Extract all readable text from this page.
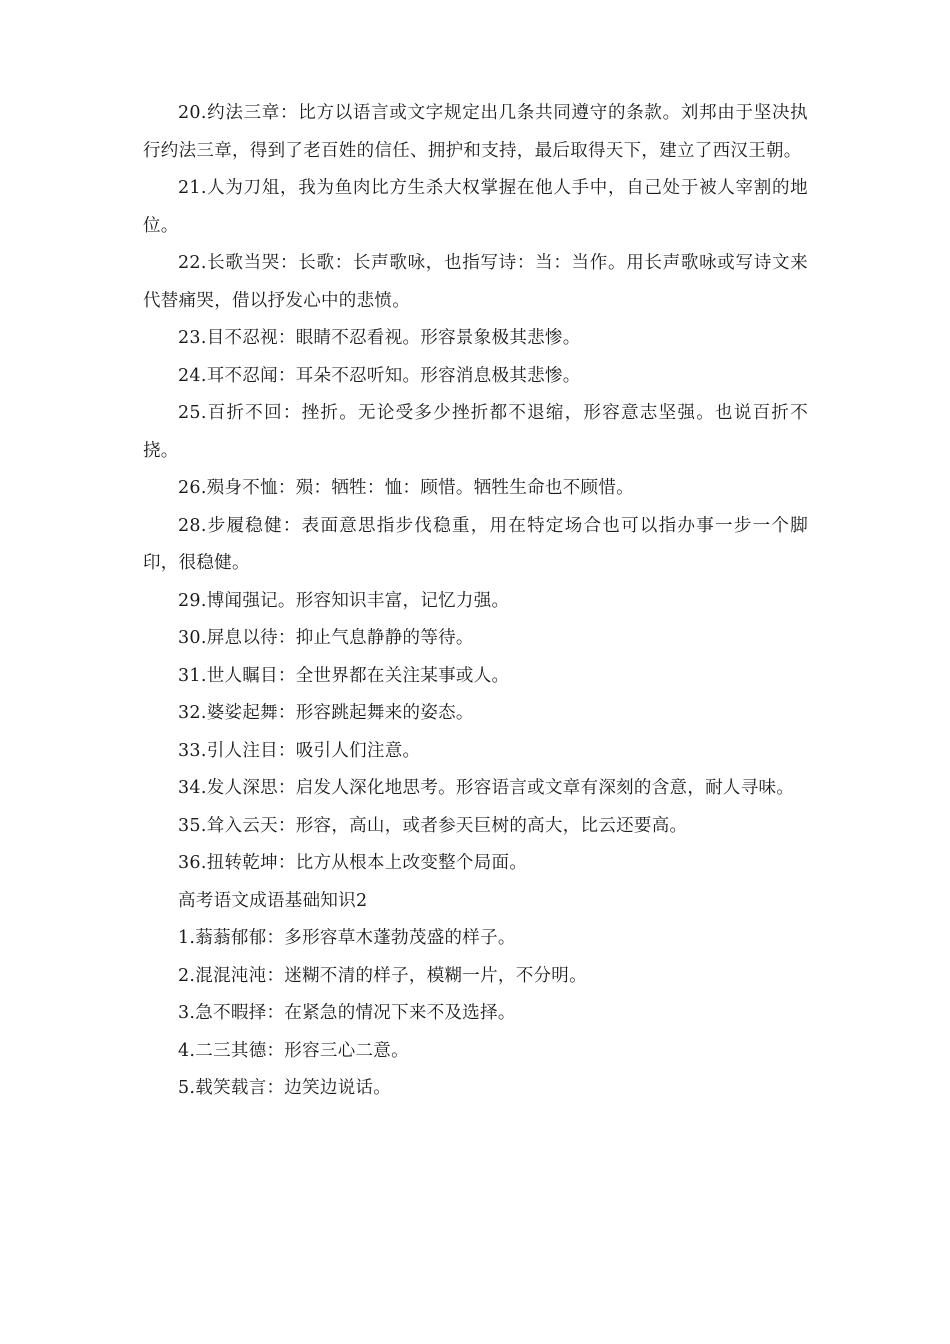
20.约法三章：比方以语言或文字规定出几条共同遵守的条款。刘邦由于坚决执行约法三章，得到了老百姓的信任、拥护和支持，最后取得天下，建立了西汉王朝。

21.人为刀俎，我为鱼肉比方生杀大权掌握在他人手中，自己处于被人宰割的地位。

22.长歌当哭：长歌：长声歌咏，也指写诗：当：当作。用长声歌咏或写诗文来代替痛哭，借以抒发心中的悲愤。

23.目不忍视：眼睛不忍看视。形容景象极其悲惨。

24.耳不忍闻：耳朵不忍听知。形容消息极其悲惨。

25.百折不回：挫折。无论受多少挫折都不退缩，形容意志坚强。也说百折不挠。

26.殒身不恤：殒：牺牲：恤：顾惜。牺牲生命也不顾惜。

28.步履稳健：表面意思指步伐稳重，用在特定场合也可以指办事一步一个脚印，很稳健。

29.博闻强记。形容知识丰富，记忆力强。

30.屏息以待：抑止气息静静的等待。

31.世人瞩目：全世界都在关注某事或人。

32.婆娑起舞：形容跳起舞来的姿态。

33.引人注目：吸引人们注意。

34.发人深思：启发人深化地思考。形容语言或文章有深刻的含意，耐人寻味。

35.耸入云天：形容，高山，或者参天巨树的高大，比云还要高。

36.扭转乾坤：比方从根本上改变整个局面。

高考语文成语基础知识2

1.蓊蓊郁郁：多形容草木蓬勃茂盛的样子。

2.混混沌沌：迷糊不清的样子，模糊一片，不分明。

3.急不暇择：在紧急的情况下来不及选择。

4.二三其德：形容三心二意。

5.载笑载言：边笑边说话。
